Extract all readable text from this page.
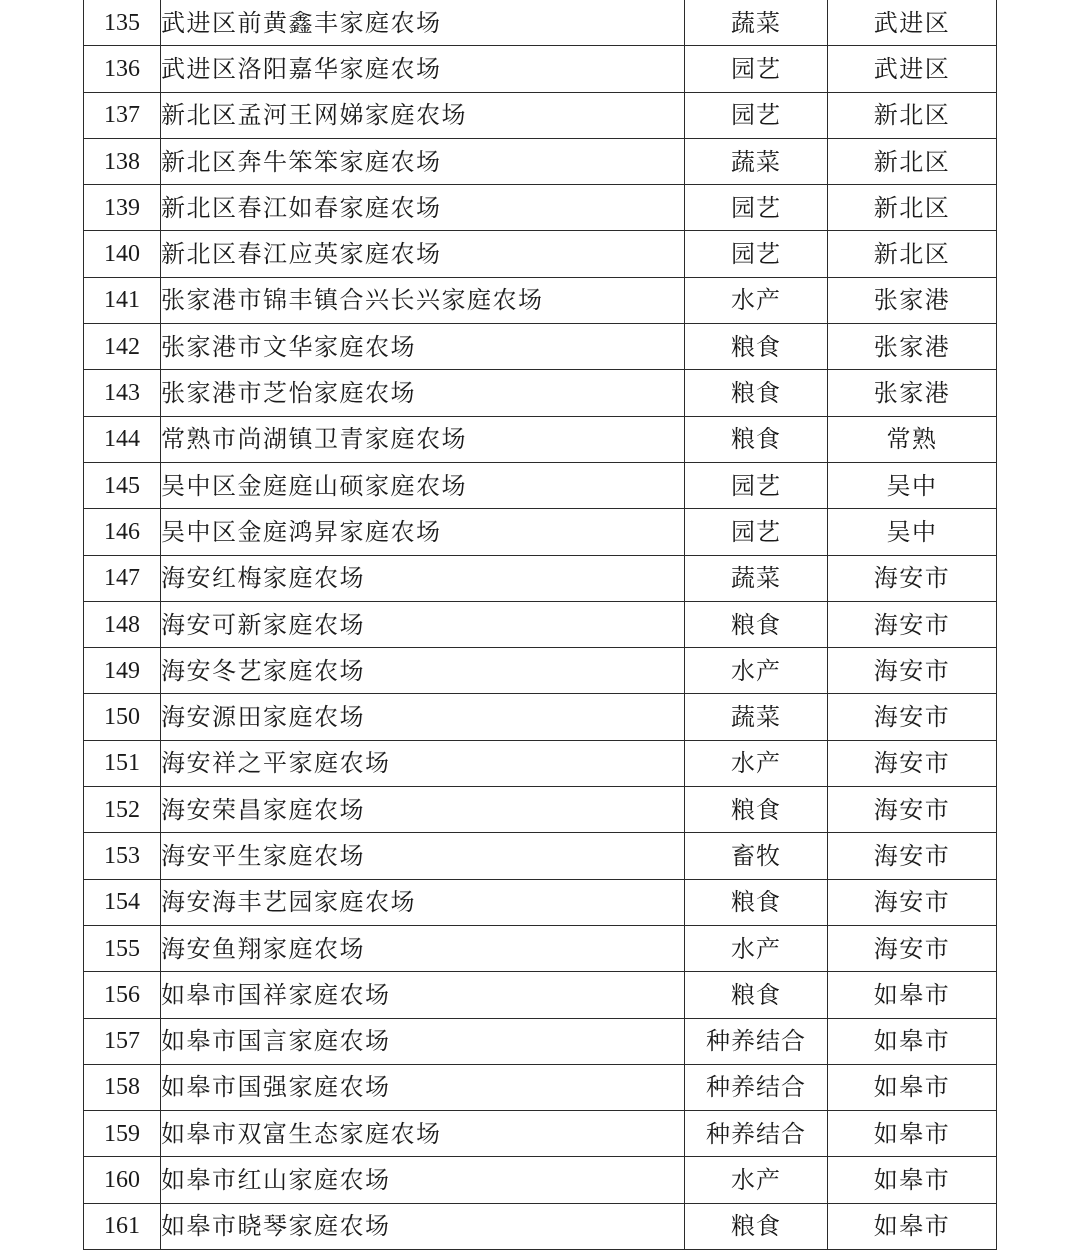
135	武进区前黄鑫丰家庭农场	蔬菜	武进区
136	武进区洛阳嘉华家庭农场	园艺	武进区
137	新北区孟河王网娣家庭农场	园艺	新北区
138	新北区奔牛笨笨家庭农场	蔬菜	新北区
139	新北区春江如春家庭农场	园艺	新北区
140	新北区春江应英家庭农场	园艺	新北区
141	张家港市锦丰镇合兴长兴家庭农场	水产	张家港
142	张家港市文华家庭农场	粮食	张家港
143	张家港市芝怡家庭农场	粮食	张家港
144	常熟市尚湖镇卫青家庭农场	粮食	常熟
145	吴中区金庭庭山硕家庭农场	园艺	吴中
146	吴中区金庭鸿昇家庭农场	园艺	吴中
147	海安红梅家庭农场	蔬菜	海安市
148	海安可新家庭农场	粮食	海安市
149	海安冬艺家庭农场	水产	海安市
150	海安源田家庭农场	蔬菜	海安市
151	海安祥之平家庭农场	水产	海安市
152	海安荣昌家庭农场	粮食	海安市
153	海安平生家庭农场	畜牧	海安市
154	海安海丰艺园家庭农场	粮食	海安市
155	海安鱼翔家庭农场	水产	海安市
156	如皋市国祥家庭农场	粮食	如皋市
157	如皋市国言家庭农场	种养结合	如皋市
158	如皋市国强家庭农场	种养结合	如皋市
159	如皋市双富生态家庭农场	种养结合	如皋市
160	如皋市红山家庭农场	水产	如皋市
161	如皋市晓琴家庭农场	粮食	如皋市
